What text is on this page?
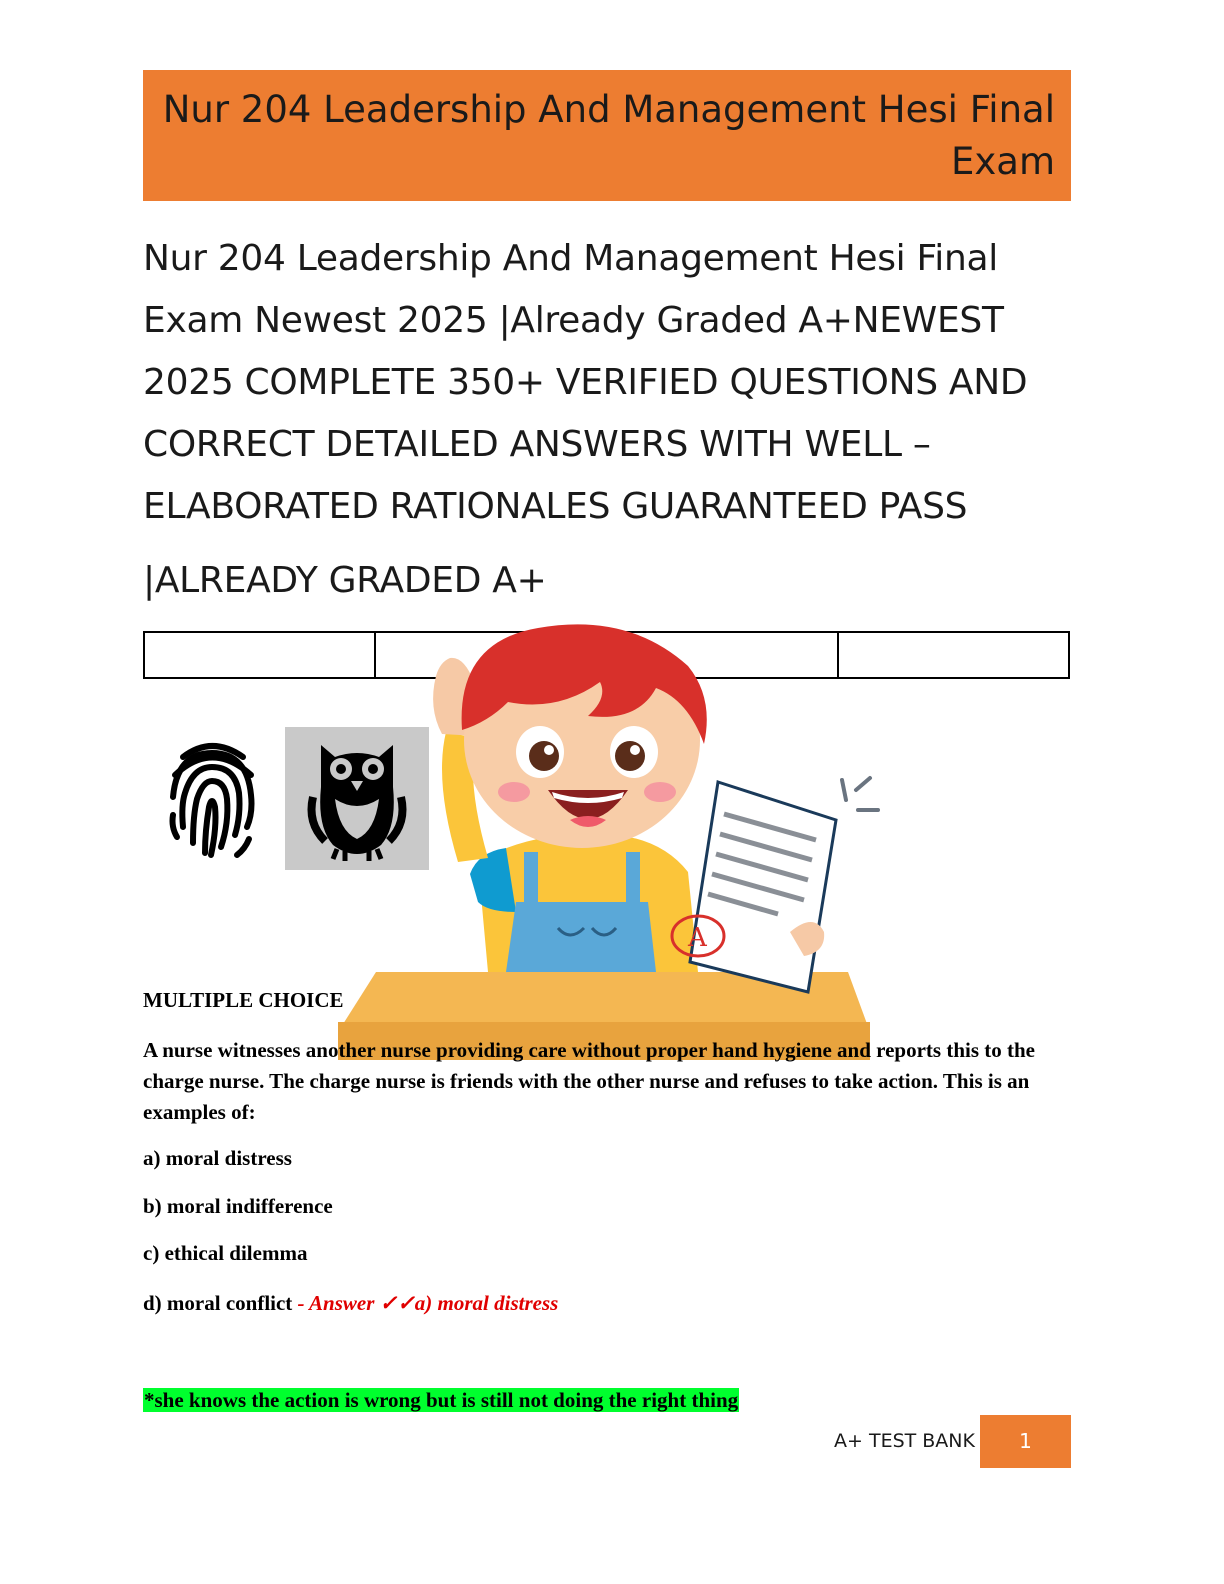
Nur 204 Leadership And Management Hesi Final
Exam
Nur 204 Leadership And Management Hesi Final
Exam Newest 2025 |Already Graded A+NEWEST
2025 COMPLETE 350+ VERIFIED QUESTIONS AND
CORRECT DETAILED ANSWERS WITH WELL –
ELABORATED RATIONALES GUARANTEED PASS
|ALREADY GRADED A+

A
MULTIPLE CHOICE
A nurse witnesses another nurse providing care without proper hand hygiene and reports this to the charge nurse. The charge nurse is friends with the other nurse and refuses to take action. This is an examples of:
a) moral distress
b) moral indifference
c) ethical dilemma
d) moral conflict - Answer ✓✓a) moral distress
*she knows the action is wrong but is still not doing the right thing
A+ TEST BANK	1
